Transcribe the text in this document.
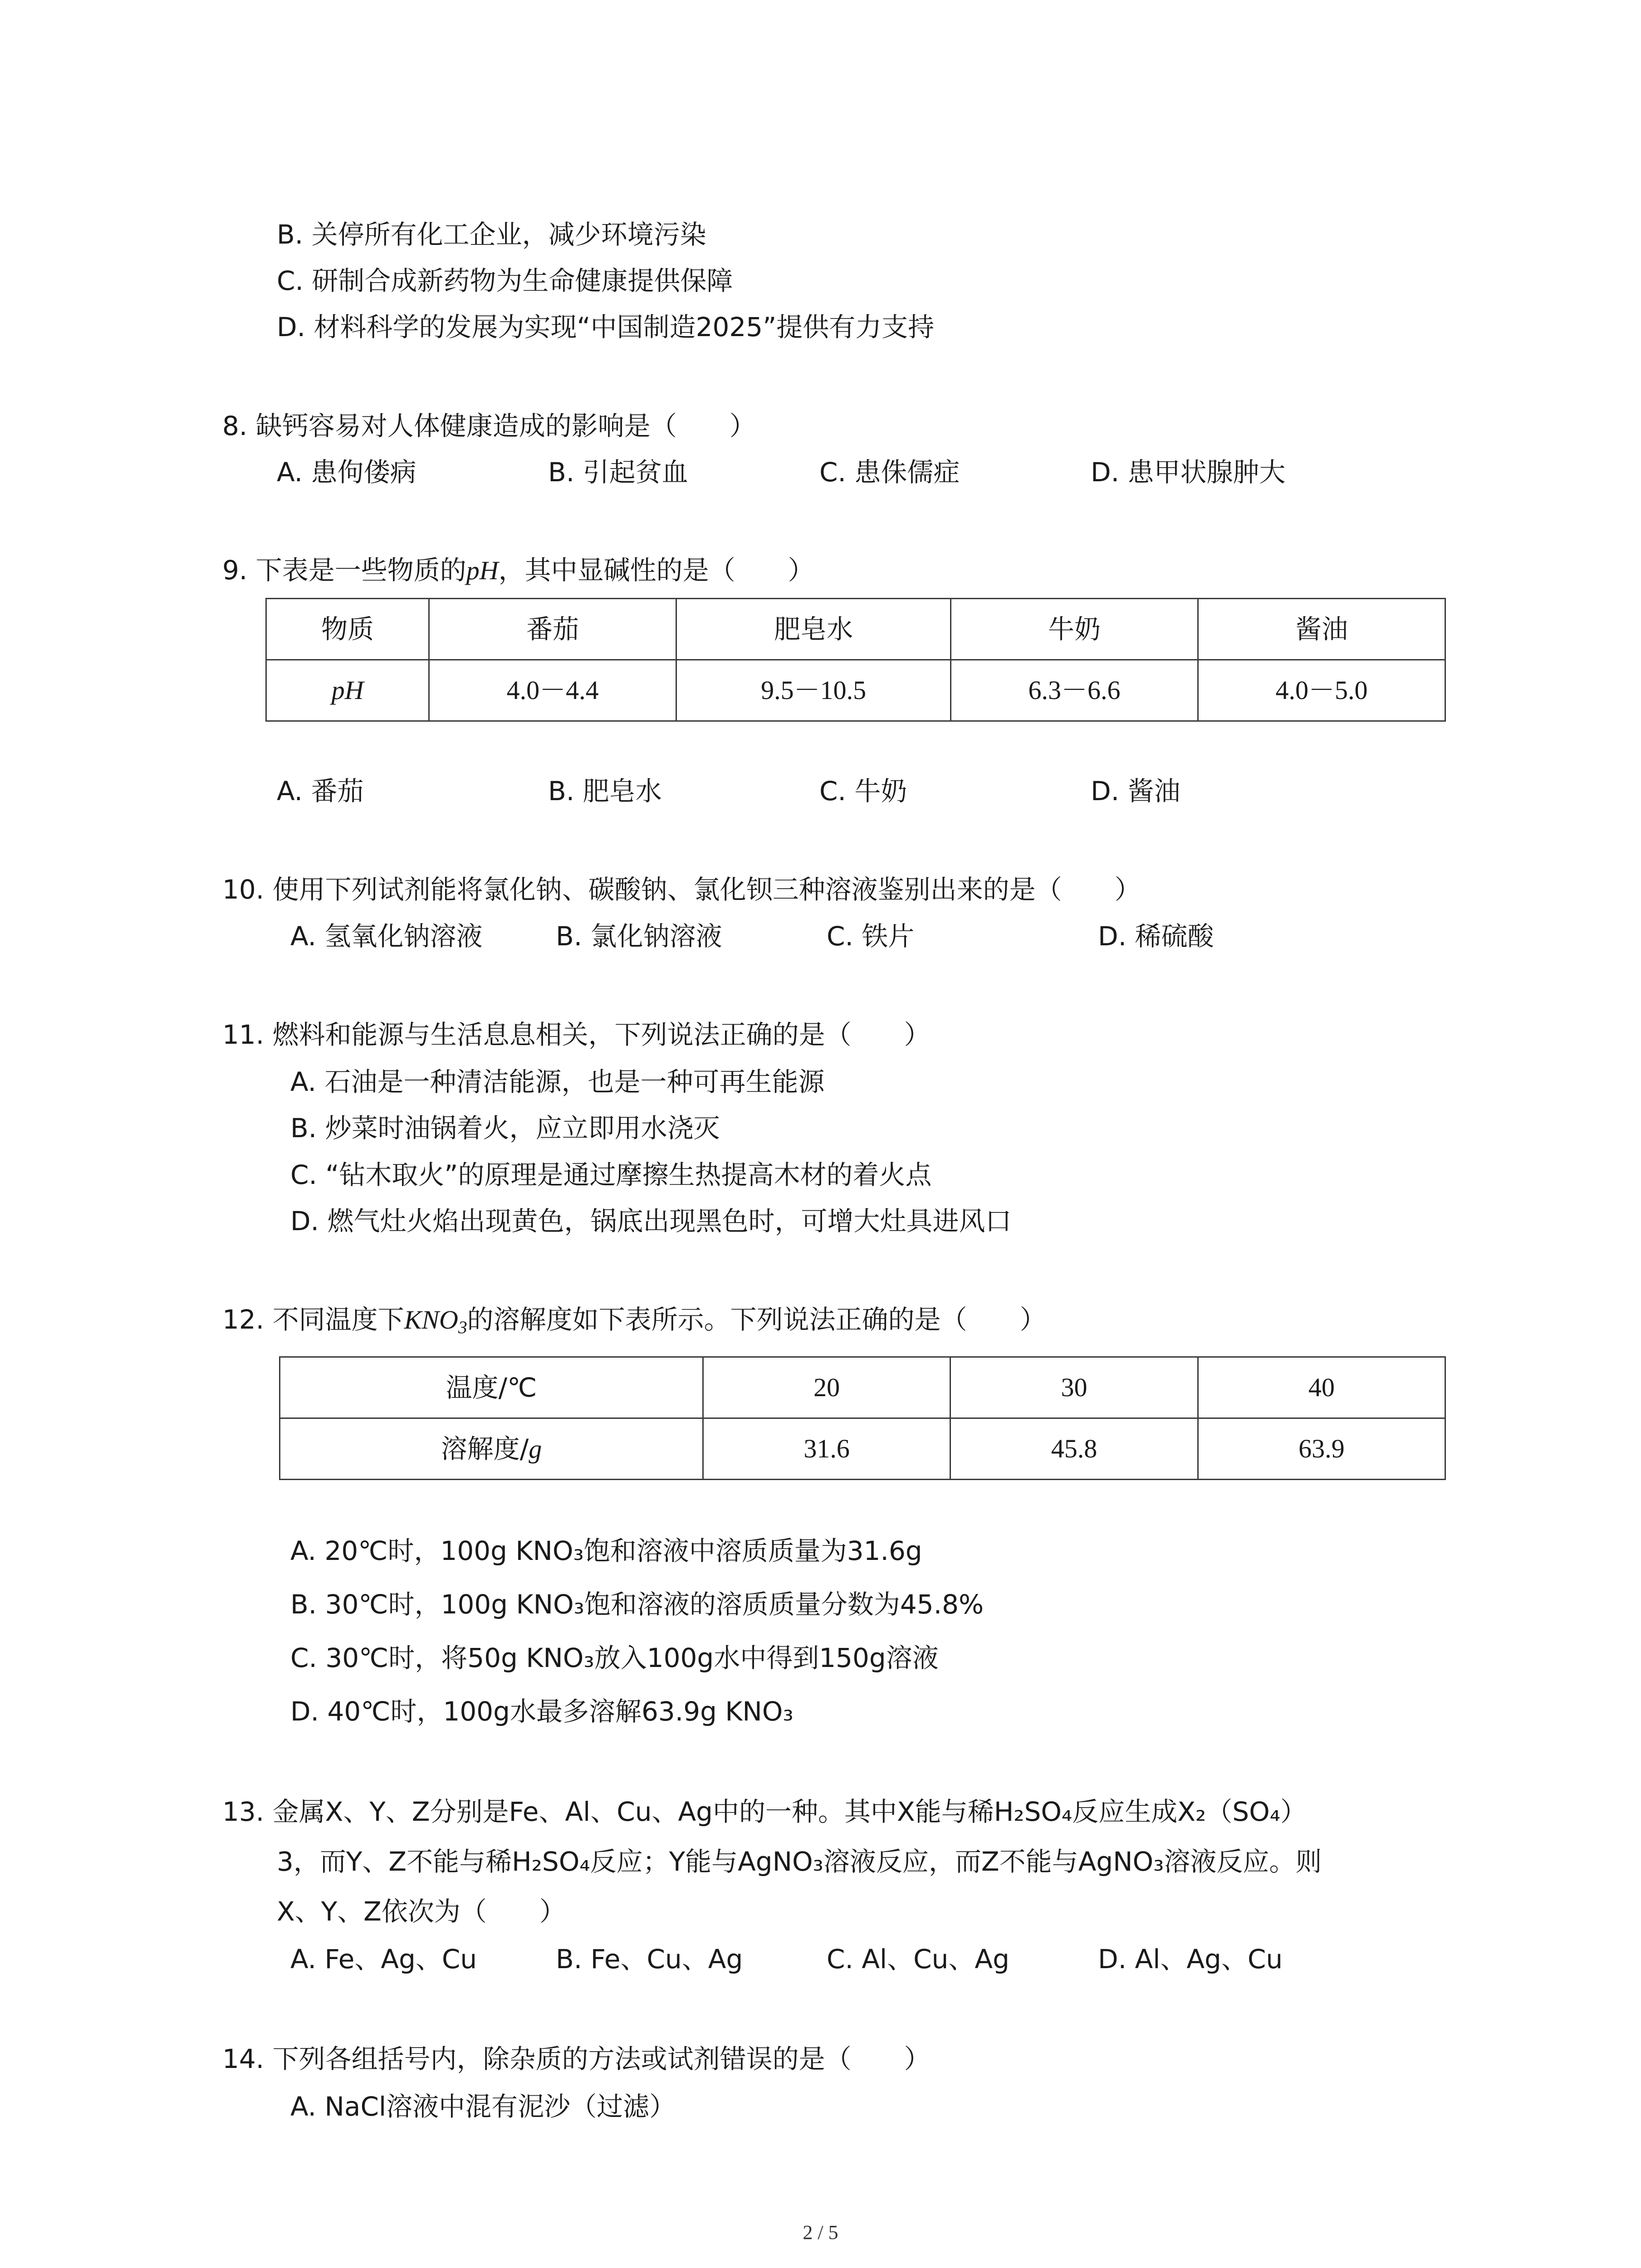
B. 关停所有化工企业，减少环境污染
C. 研制合成新药物为生命健康提供保障
D. 材料科学的发展为实现“中国制造2025”提供有力支持
8. 缺钙容易对人体健康造成的影响是（　　）
A. 患佝偻病	B. 引起贫血	C. 患侏儒症	D. 患甲状腺肿大
9. 下表是一些物质的pH，其中显碱性的是（　　）
物质	番茄	肥皂水	牛奶	酱油
pH	4.0－4.4	9.5－10.5	6.3－6.6	4.0－5.0
A. 番茄	B. 肥皂水	C. 牛奶	D. 酱油
10. 使用下列试剂能将氯化钠、碳酸钠、氯化钡三种溶液鉴别出来的是（　　）
A. 氢氧化钠溶液	B. 氯化钠溶液	C. 铁片	D. 稀硫酸
11. 燃料和能源与生活息息相关，下列说法正确的是（　　）
A. 石油是一种清洁能源，也是一种可再生能源
B. 炒菜时油锅着火，应立即用水浇灭
C. “钻木取火”的原理是通过摩擦生热提高木材的着火点
D. 燃气灶火焰出现黄色，锅底出现黑色时，可增大灶具进风口
12. 不同温度下$KNO_3$的溶解度如下表所示。下列说法正确的是（　　）
温度/℃	20	30	40
溶解度/g	31.6	45.8	63.9
A. 20℃时，100g KNO₃饱和溶液中溶质质量为31.6g
B. 30℃时，100g KNO₃饱和溶液的溶质质量分数为45.8%
C. 30℃时，将50g KNO₃放入100g水中得到150g溶液
D. 40℃时，100g水最多溶解63.9g KNO₃
13. 金属X、Y、Z分别是Fe、Al、Cu、Ag中的一种。其中X能与稀H₂SO₄反应生成X₂（SO₄）
3，而Y、Z不能与稀H₂SO₄反应；Y能与AgNO₃溶液反应，而Z不能与AgNO₃溶液反应。则
X、Y、Z依次为（　　）
A. Fe、Ag、Cu	B. Fe、Cu、Ag	C. Al、Cu、Ag	D. Al、Ag、Cu
14. 下列各组括号内，除杂质的方法或试剂错误的是（　　）
A. NaCl溶液中混有泥沙（过滤）
2 / 5
